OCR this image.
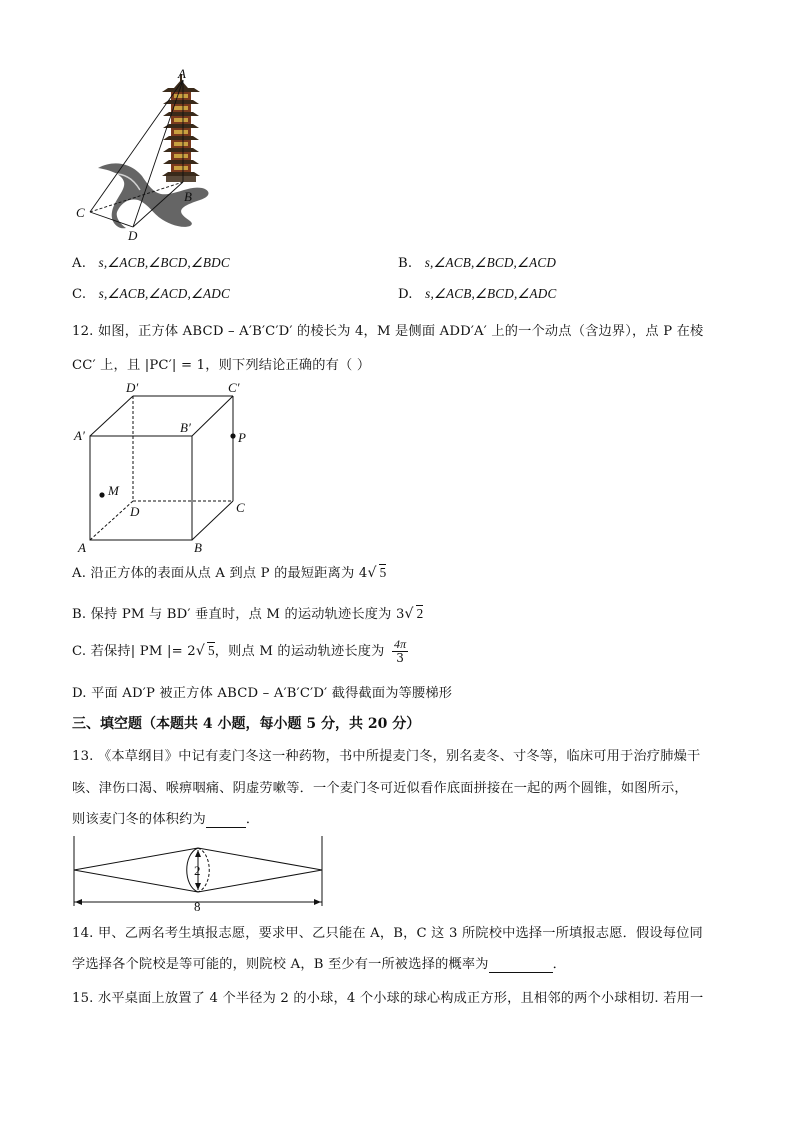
A
B
C
D
A. s,∠ACB,∠BCD,∠BDC	B. s,∠ACB,∠BCD,∠ACD
C. s,∠ACB,∠ACD,∠ADC	D. s,∠ACB,∠BCD,∠ADC
12. 如图，正方体 ABCD – A′B′C′D′ 的棱长为 4，M 是侧面 ADD′A′ 上的一个动点（含边界），点 P 在棱
CC′ 上，且 |PC′| = 1，则下列结论正确的有（ ）
D′	C′
A′
B′
P
M
D	C
A	B
A. 沿正方体的表面从点 A 到点 P 的最短距离为 4√ 5
B. 保持 PM 与 BD′ 垂直时，点 M 的运动轨迹长度为 3√ 2
C. 若保持| PM |= 2√ 5，则点 M 的运动轨迹长度为 $\frac{4\pi}{3}$
D. 平面 AD′P 被正方体 ABCD – A′B′C′D′ 截得截面为等腰梯形
三、填空题（本题共 4 小题，每小题 5 分，共 20 分）
13. 《本草纲目》中记有麦门冬这一种药物，书中所提麦门冬，别名麦冬、寸冬等，临床可用于治疗肺燥干
咳、津伤口渴、喉痹咽痛、阴虚劳嗽等．一个麦门冬可近似看作底面拼接在一起的两个圆锥，如图所示，
则该麦门冬的体积约为	．
2
8
14. 甲、乙两名考生填报志愿，要求甲、乙只能在 A，B，C 这 3 所院校中选择一所填报志愿．假设每位同
学选择各个院校是等可能的，则院校 A，B 至少有一所被选择的概率为	．
15. 水平桌面上放置了 4 个半径为 2 的小球，4 个小球的球心构成正方形，且相邻的两个小球相切. 若用一
